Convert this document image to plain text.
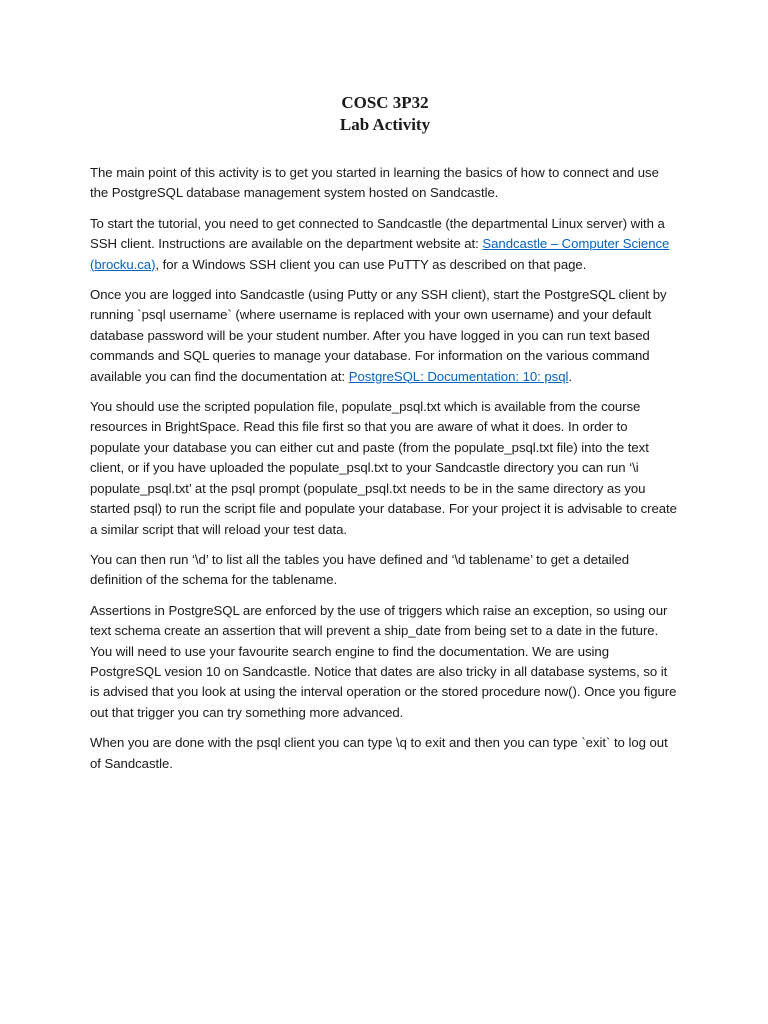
COSC 3P32
Lab Activity

The main point of this activity is to get you started in learning the basics of how to connect and use the PostgreSQL database management system hosted on Sandcastle.

To start the tutorial, you need to get connected to Sandcastle (the departmental Linux server) with a SSH client. Instructions are available on the department website at: Sandcastle – Computer Science (brocku.ca), for a Windows SSH client you can use PuTTY as described on that page.

Once you are logged into Sandcastle (using Putty or any SSH client), start the PostgreSQL client by running `psql username` (where username is replaced with your own username) and your default database password will be your student number. After you have logged in you can run text based commands and SQL queries to manage your database. For information on the various command available you can find the documentation at: PostgreSQL: Documentation: 10: psql.

You should use the scripted population file, populate_psql.txt which is available from the course resources in BrightSpace. Read this file first so that you are aware of what it does. In order to populate your database you can either cut and paste (from the populate_psql.txt file) into the text client, or if you have uploaded the populate_psql.txt to your Sandcastle directory you can run ‘\i populate_psql.txt’ at the psql prompt (populate_psql.txt needs to be in the same directory as you started psql) to run the script file and populate your database. For your project it is advisable to create a similar script that will reload your test data.

You can then run ‘\d’ to list all the tables you have defined and ‘\d tablename’ to get a detailed definition of the schema for the tablename.

Assertions in PostgreSQL are enforced by the use of triggers which raise an exception, so using our text schema create an assertion that will prevent a ship_date from being set to a date in the future. You will need to use your favourite search engine to find the documentation. We are using PostgreSQL vesion 10 on Sandcastle. Notice that dates are also tricky in all database systems, so it is advised that you look at using the interval operation or the stored procedure now(). Once you figure out that trigger you can try something more advanced.

When you are done with the psql client you can type \q to exit and then you can type `exit` to log out of Sandcastle.
